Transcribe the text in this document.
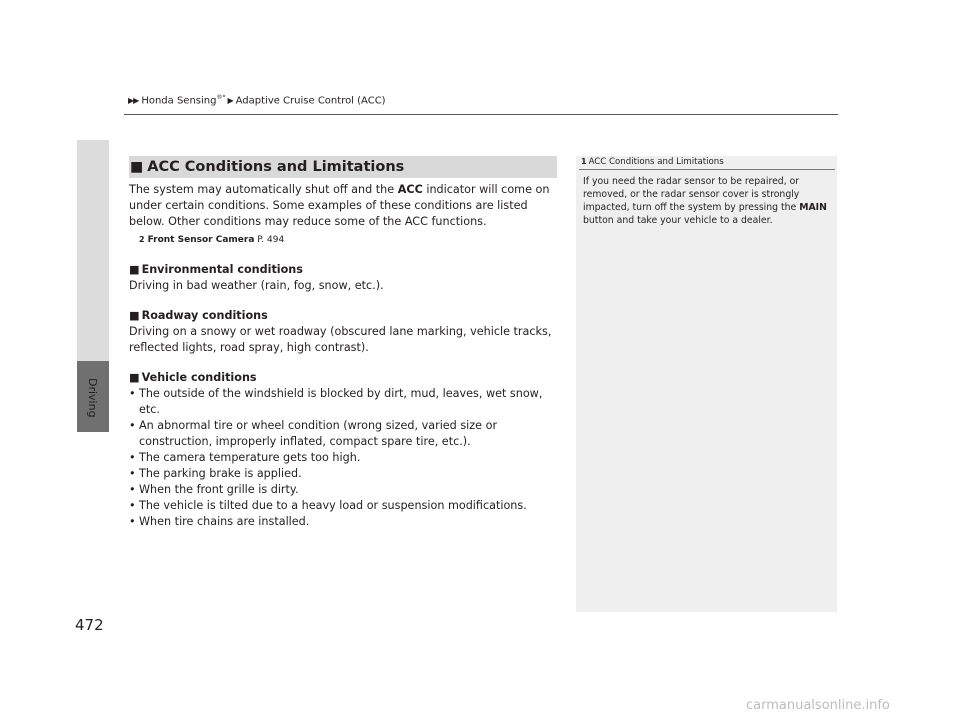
▶▶ Honda Sensing®* ▶ Adaptive Cruise Control (ACC)
Driving
472
■ ACC Conditions and Limitations

The system may automatically shut off and the ACC indicator will come on under certain conditions. Some examples of these conditions are listed below. Other conditions may reduce some of the ACC functions.

2 Front Sensor Camera P. 494
■ Environmental conditions

Driving in bad weather (rain, fog, snow, etc.).

■ Roadway conditions

Driving on a snowy or wet roadway (obscured lane marking, vehicle tracks, reflected lights, road spray, high contrast).

■ Vehicle conditions
• The outside of the windshield is blocked by dirt, mud, leaves, wet snow, etc.
• An abnormal tire or wheel condition (wrong sized, varied size or construction, improperly inflated, compact spare tire, etc.).
• The camera temperature gets too high.
• The parking brake is applied.
• When the front grille is dirty.
• The vehicle is tilted due to a heavy load or suspension modifications.
• When tire chains are installed.
1 ACC Conditions and Limitations
If you need the radar sensor to be repaired, or removed, or the radar sensor cover is strongly impacted, turn off the system by pressing the MAIN button and take your vehicle to a dealer.
carmanualsonline.info
